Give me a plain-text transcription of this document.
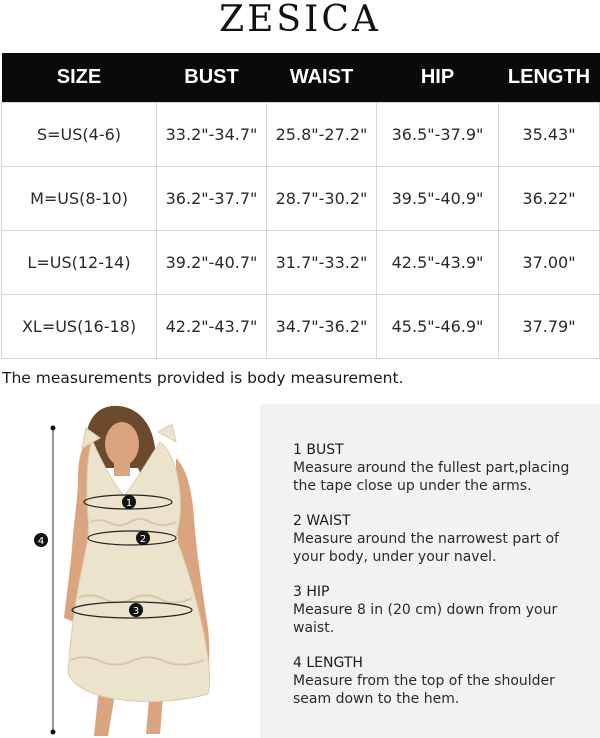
ZESICA
SIZE	BUST	WAIST	HIP	LENGTH
S=US(4-6)	33.2"-34.7"	25.8"-27.2"	36.5"-37.9"	35.43"
M=US(8-10)	36.2"-37.7"	28.7"-30.2"	39.5"-40.9"	36.22"
L=US(12-14)	39.2"-40.7"	31.7"-33.2"	42.5"-43.9"	37.00"
XL=US(16-18)	42.2"-43.7"	34.7"-36.2"	45.5"-46.9"	37.79"
The measurements provided is body measurement.
1
2
3
4
1 BUST
Measure around the fullest part,placing
the tape close up under the arms.
2 WAIST
Measure around the narrowest part of
your body, under your navel.
3 HIP
Measure 8 in (20 cm) down from your
waist.
4 LENGTH
Measure from the top of the shoulder
seam down to the hem.
